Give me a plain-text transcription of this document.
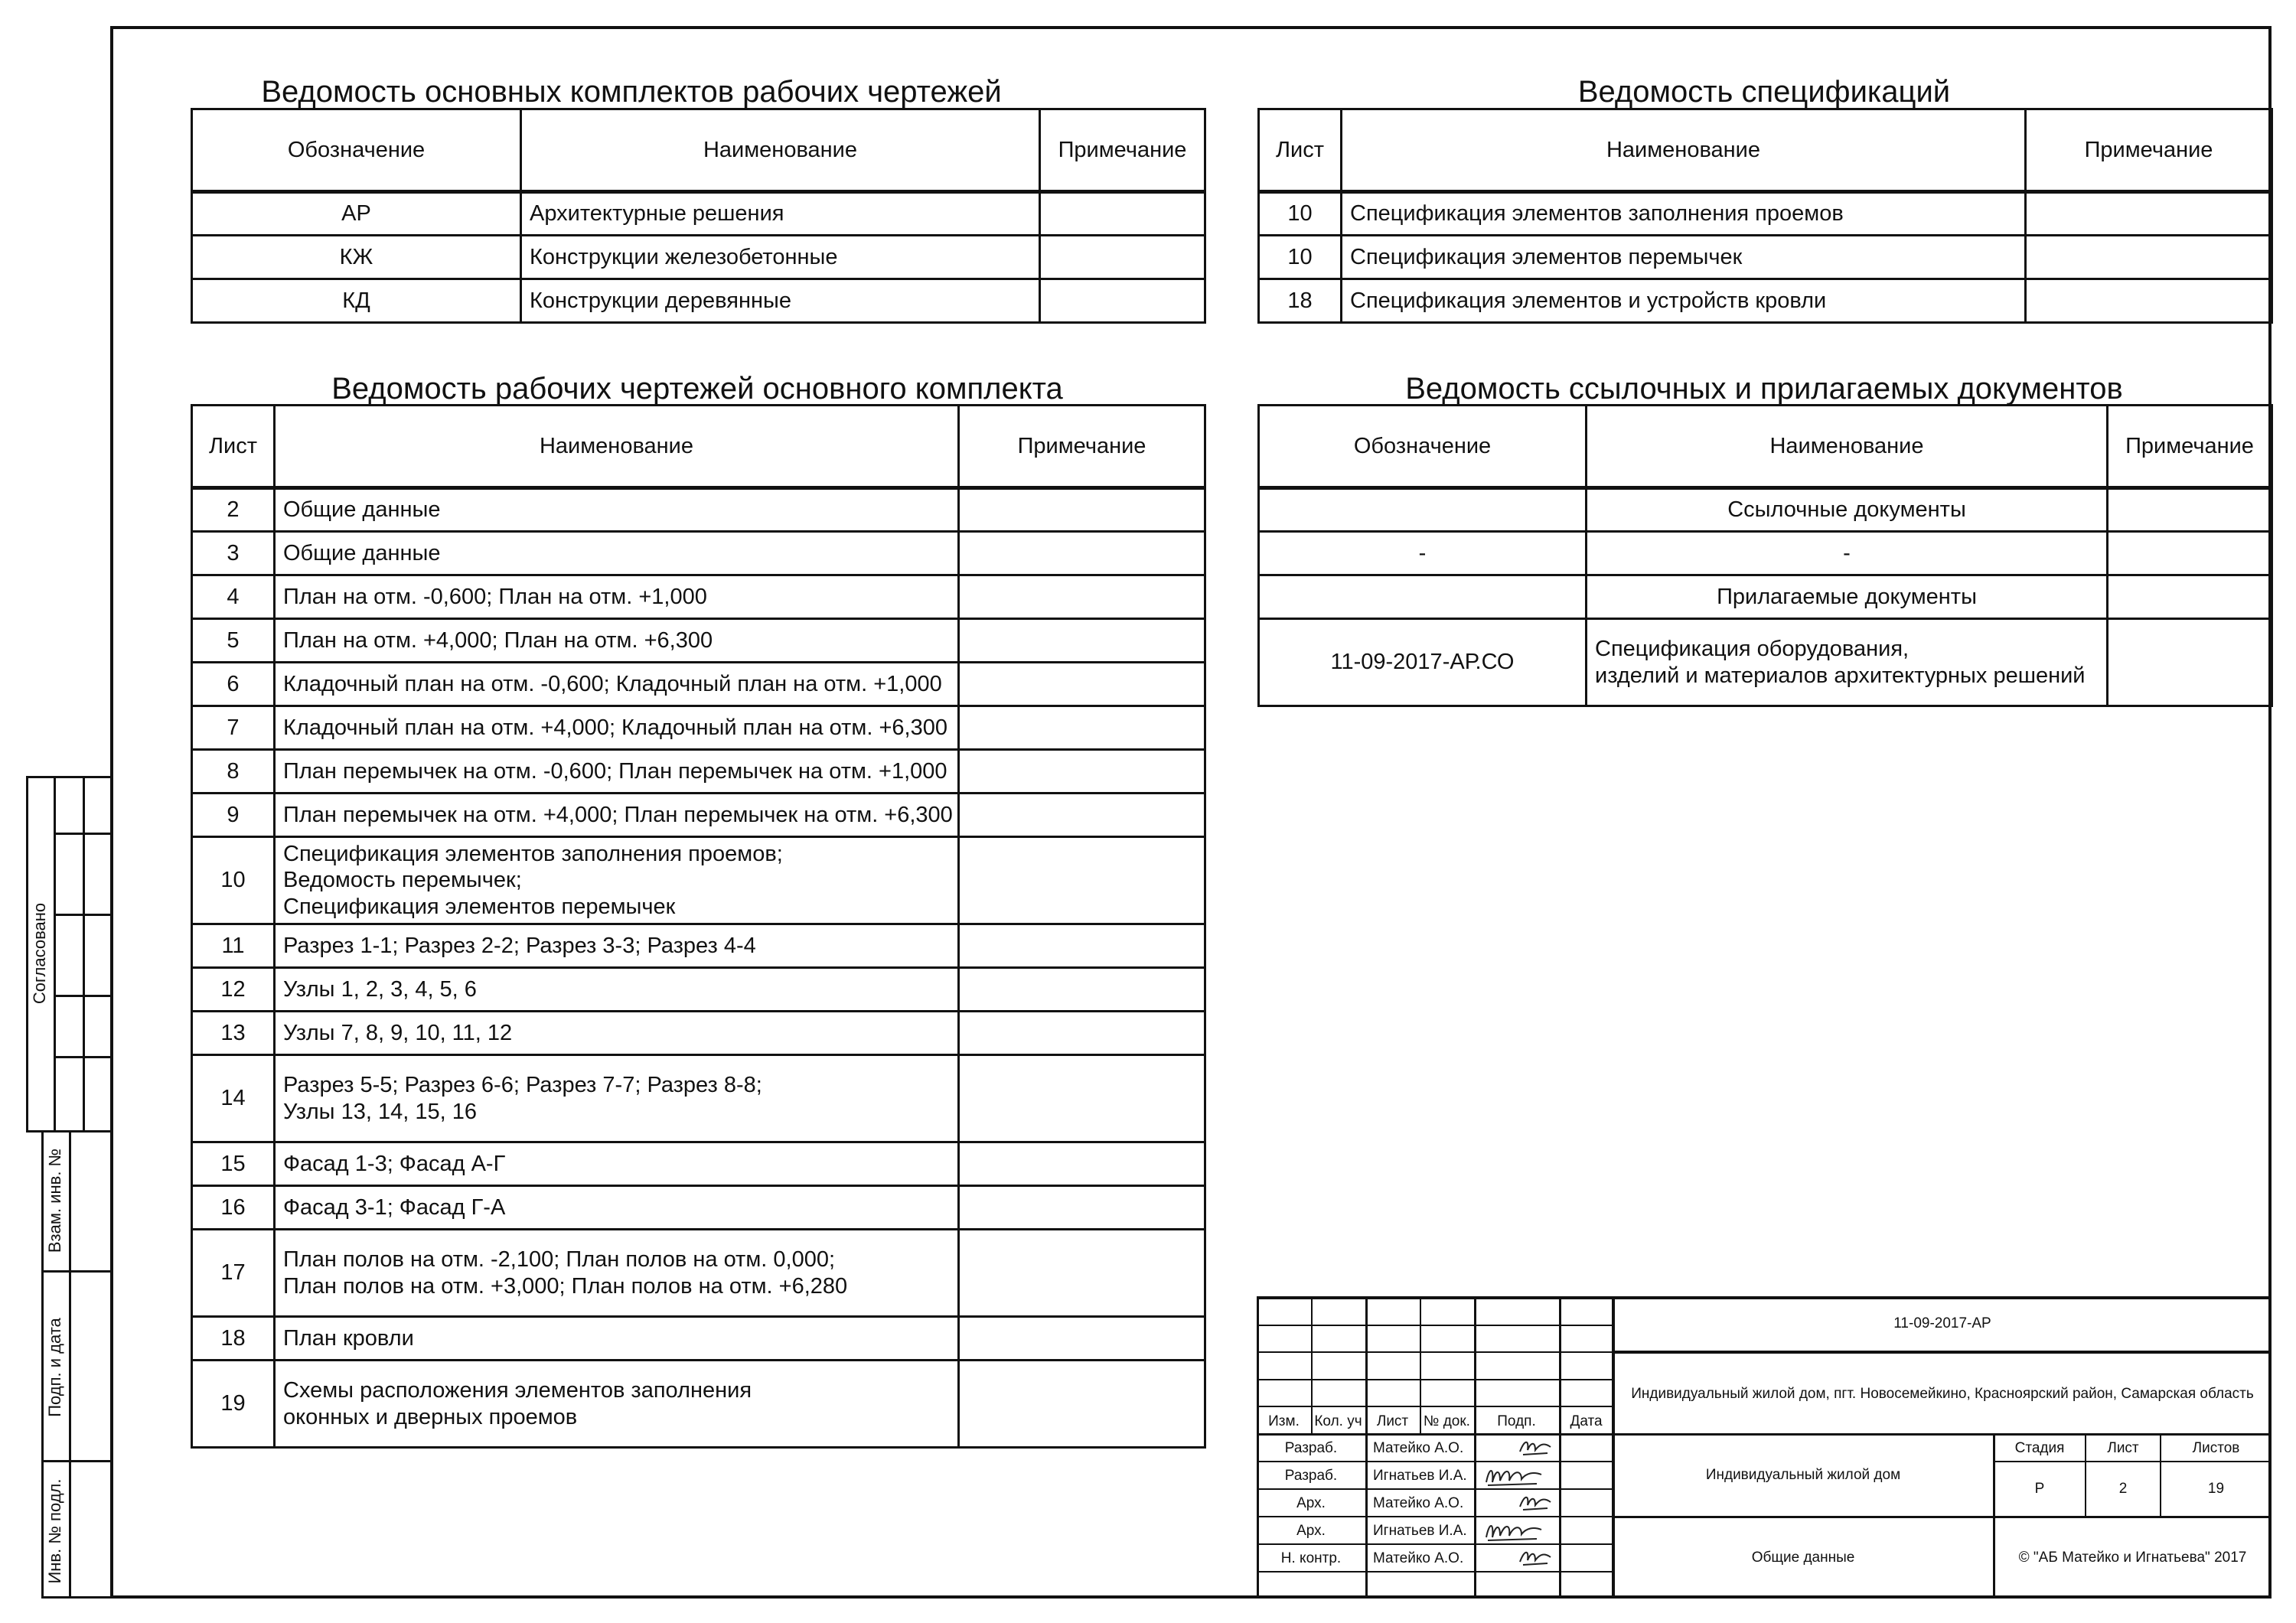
Ведомость основных комплектов рабочих чертежей
Обозначение	Наименование	Примечание
АР	Архитектурные решения	
КЖ	Конструкции железобетонные	
КД	Конструкции деревянные	
Ведомость спецификаций
Лист	Наименование	Примечание
10	Спецификация элементов заполнения проемов	
10	Спецификация элементов перемычек	
18	Спецификация элементов и устройств кровли	
Ведомость рабочих чертежей основного комплекта
Лист	Наименование	Примечание
2	Общие данные	
3	Общие данные	
4	План на отм. -0,600; План на отм. +1,000	
5	План на отм. +4,000; План на отм. +6,300	
6	Кладочный план на отм. -0,600; Кладочный план на отм. +1,000	
7	Кладочный план на отм. +4,000; Кладочный план на отм. +6,300	
8	План перемычек на отм. -0,600; План перемычек на отм. +1,000	
9	План перемычек на отм. +4,000; План перемычек на отм. +6,300	
10	Спецификация элементов заполнения проемов;
Ведомость перемычек;
Спецификация элементов перемычек	
11	Разрез 1-1; Разрез 2-2; Разрез 3-3; Разрез 4-4	
12	Узлы 1, 2, 3, 4, 5, 6	
13	Узлы 7, 8, 9, 10, 11, 12	
14	Разрез 5-5; Разрез 6-6; Разрез 7-7; Разрез 8-8;
Узлы 13, 14, 15, 16	
15	Фасад 1-3; Фасад А-Г	
16	Фасад 3-1; Фасад Г-А	
17	План полов на отм. -2,100; План полов на отм. 0,000;
План полов на отм. +3,000; План полов на отм. +6,280	
18	План кровли	
19	Схемы расположения элементов заполнения
оконных и дверных проемов	
Ведомость ссылочных и прилагаемых документов
Обозначение	Наименование	Примечание
	Ссылочные документы	
-	-	
	Прилагаемые документы	
11-09-2017-АР.СО	Спецификация оборудования,
изделий и материалов архитектурных решений	
Согласовано
Взам. инв. №
Подп. и дата
Инв. № подл.
11-09-2017-АР
Индивидуальный жилой дом, пгт. Новосемейкино, Красноярский район, Самарская область
Изм.	Кол. уч	Лист	№ док.	Подп.	Дата
Разраб.	Матейко А.О.
Разраб.	Игнатьев И.А.
Арх.	Матейко А.О.
Арх.	Игнатьев И.А.
Н. контр.	Матейко А.О.
Индивидуальный жилой дом
Общие данные
Стадия	Лист	Листов
Р	2	19
© "АБ Матейко и Игнатьева" 2017
